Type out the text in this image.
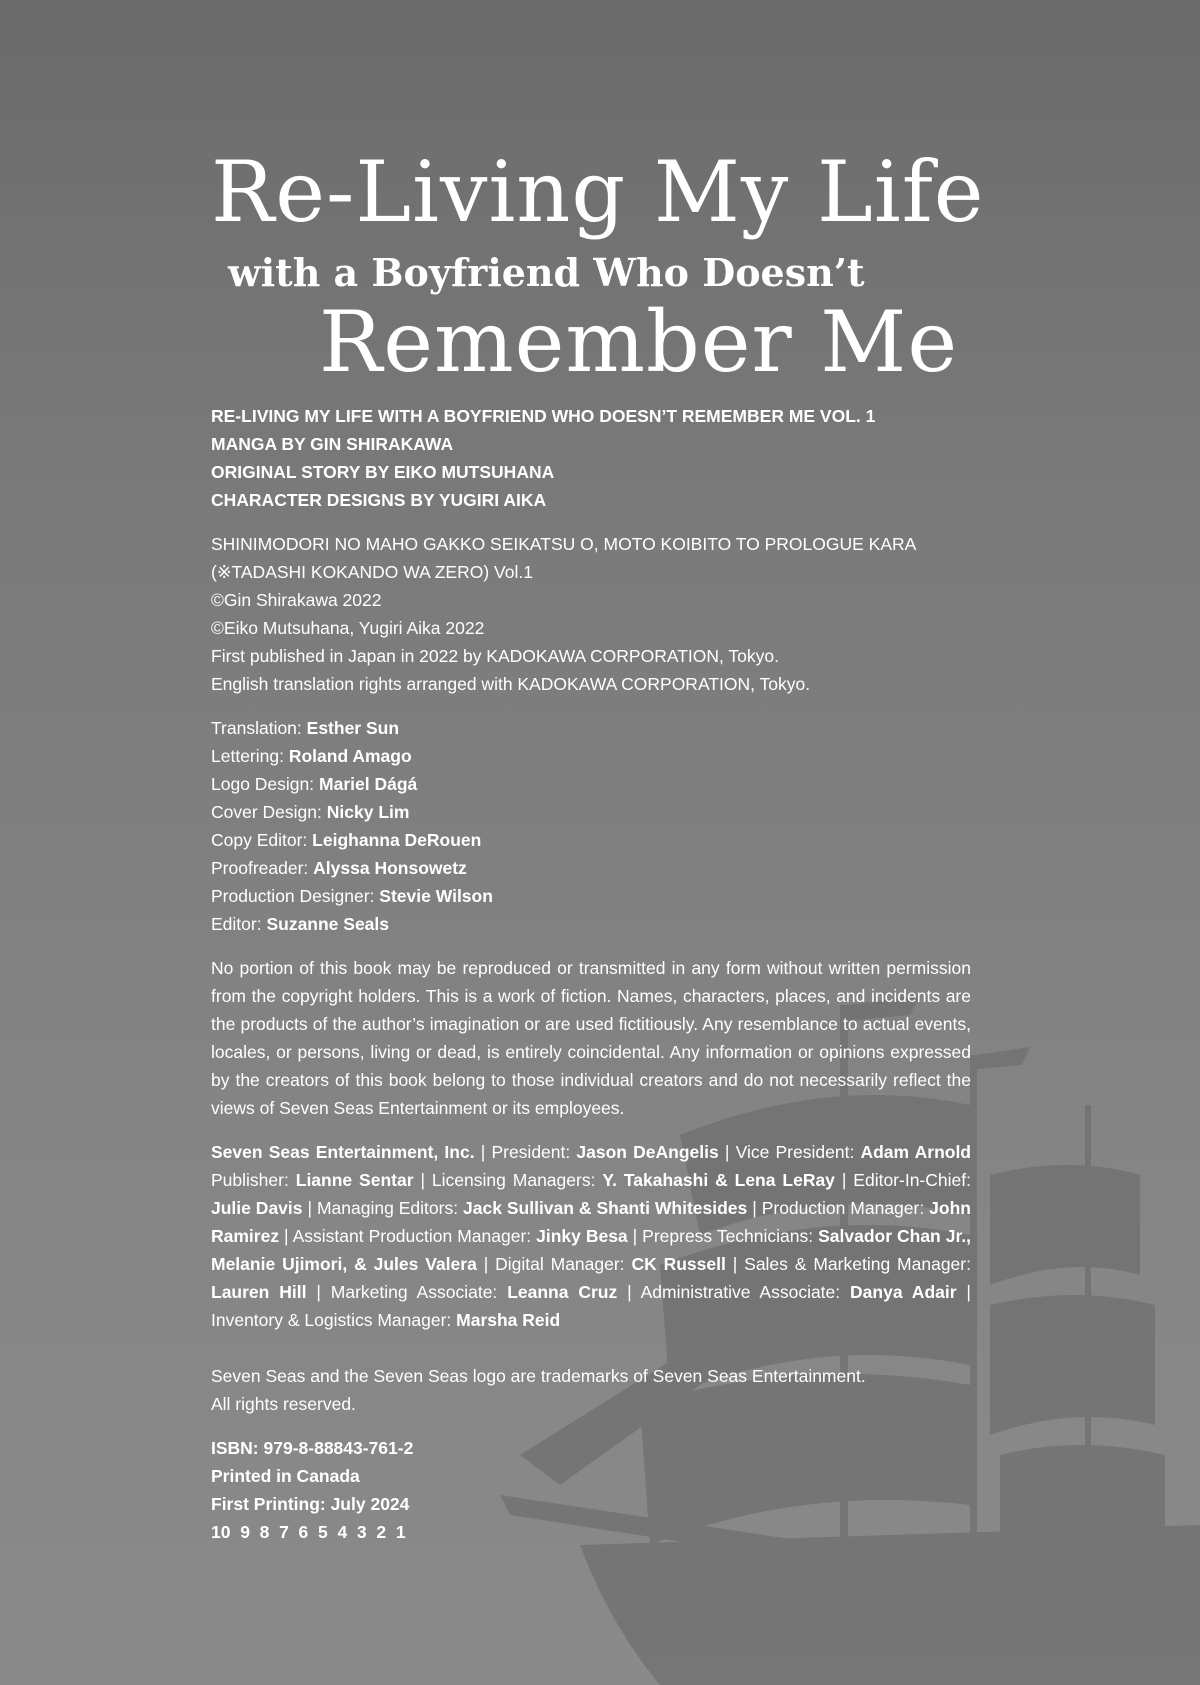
Re-Living My Life
with a Boyfriend Who Doesn’t
Remember Me
RE-LIVING MY LIFE WITH A BOYFRIEND WHO DOESN’T REMEMBER ME VOL. 1
MANGA BY GIN SHIRAKAWA
ORIGINAL STORY BY EIKO MUTSUHANA
CHARACTER DESIGNS BY YUGIRI AIKA
SHINIMODORI NO MAHO GAKKO SEIKATSU O, MOTO KOIBITO TO PROLOGUE KARA
(※TADASHI KOKANDO WA ZERO) Vol.1
©Gin Shirakawa 2022
©Eiko Mutsuhana, Yugiri Aika 2022
First published in Japan in 2022 by KADOKAWA CORPORATION, Tokyo.
English translation rights arranged with KADOKAWA CORPORATION, Tokyo.
Translation: Esther Sun
Lettering: Roland Amago
Logo Design: Mariel Dágá
Cover Design: Nicky Lim
Copy Editor: Leighanna DeRouen
Proofreader: Alyssa Honsowetz
Production Designer: Stevie Wilson
Editor: Suzanne Seals

No portion of this book may be reproduced or transmitted in any form without written permission from the copyright holders. This is a work of fiction. Names, characters, places, and incidents are the products of the author’s imagination or are used fictitiously. Any resemblance to actual events, locales, or persons, living or dead, is entirely coincidental. Any information or opinions expressed by the creators of this book belong to those individual creators and do not necessarily reflect the views of Seven Seas Entertainment or its employees.

Seven Seas Entertainment, Inc. | President: Jason DeAngelis | Vice President: Adam Arnold Publisher: Lianne Sentar | Licensing Managers: Y. Takahashi & Lena LeRay | Editor-In-Chief: Julie Davis | Managing Editors: Jack Sullivan & Shanti Whitesides | Production Manager: John Ramirez | Assistant Production Manager: Jinky Besa | Prepress Technicians: Salvador Chan Jr., Melanie Ujimori, & Jules Valera | Digital Manager: CK Russell | Sales & Marketing Manager: Lauren Hill | Marketing Associate: Leanna Cruz | Administrative Associate: Danya Adair | Inventory & Logistics Manager: Marsha Reid

Seven Seas and the Seven Seas logo are trademarks of Seven Seas Entertainment.
All rights reserved.
ISBN: 979-8-88843-761-2
Printed in Canada
First Printing: July 2024
10  9  8  7  6  5  4  3  2  1
